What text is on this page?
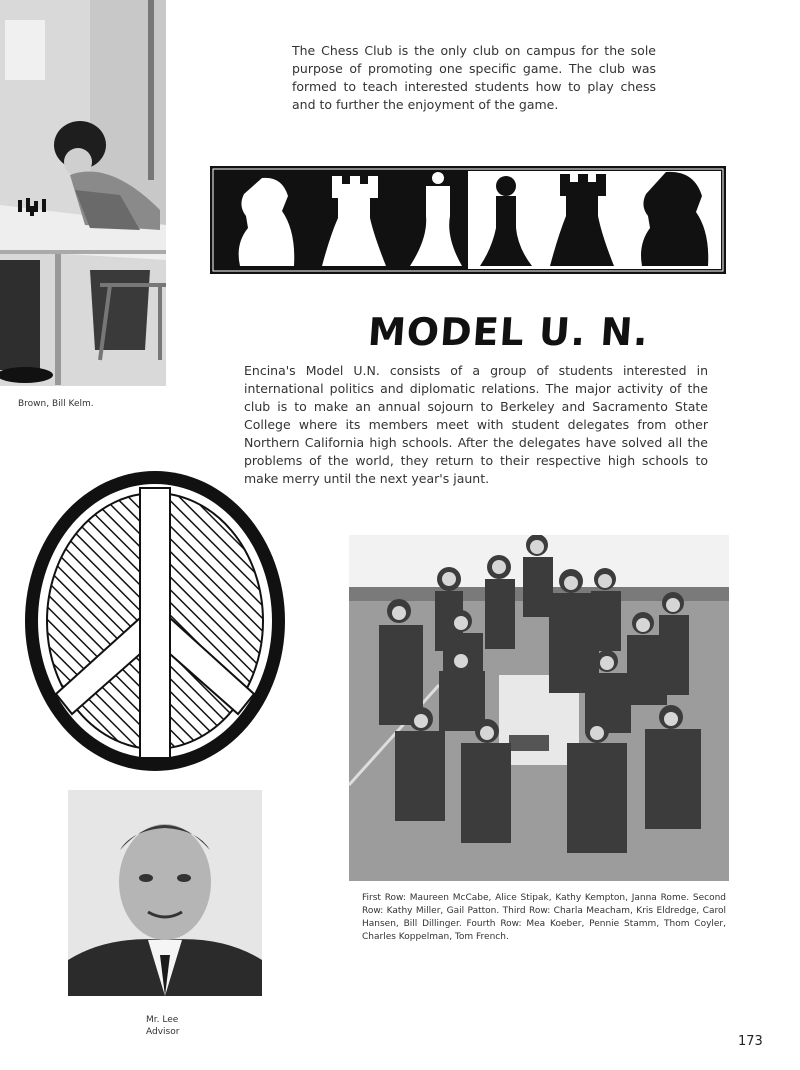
Brown, Bill Kelm.
The Chess Club is the only club on campus for the sole purpose of promoting one specific game. The club was formed to teach interested students how to play chess and to further the enjoyment of the game.
MODEL U. N.
Encina's Model U.N. consists of a group of students interested in international politics and diplomatic relations. The major activity of the club is to make an annual sojourn to Berkeley and Sacramento State College where its members meet with student delegates from other Northern California high schools. After the delegates have solved all the problems of the world, they return to their respective high schools to make merry until the next year's jaunt.
Mr. Lee
Advisor
First Row: Maureen McCabe, Alice Stipak, Kathy Kempton, Janna Rome. Second Row: Kathy Miller, Gail Patton. Third Row: Charla Meacham, Kris Eldredge, Carol Hansen, Bill Dillinger. Fourth Row: Mea Koeber, Pennie Stamm, Thom Coyler, Charles Koppelman, Tom French.
173
